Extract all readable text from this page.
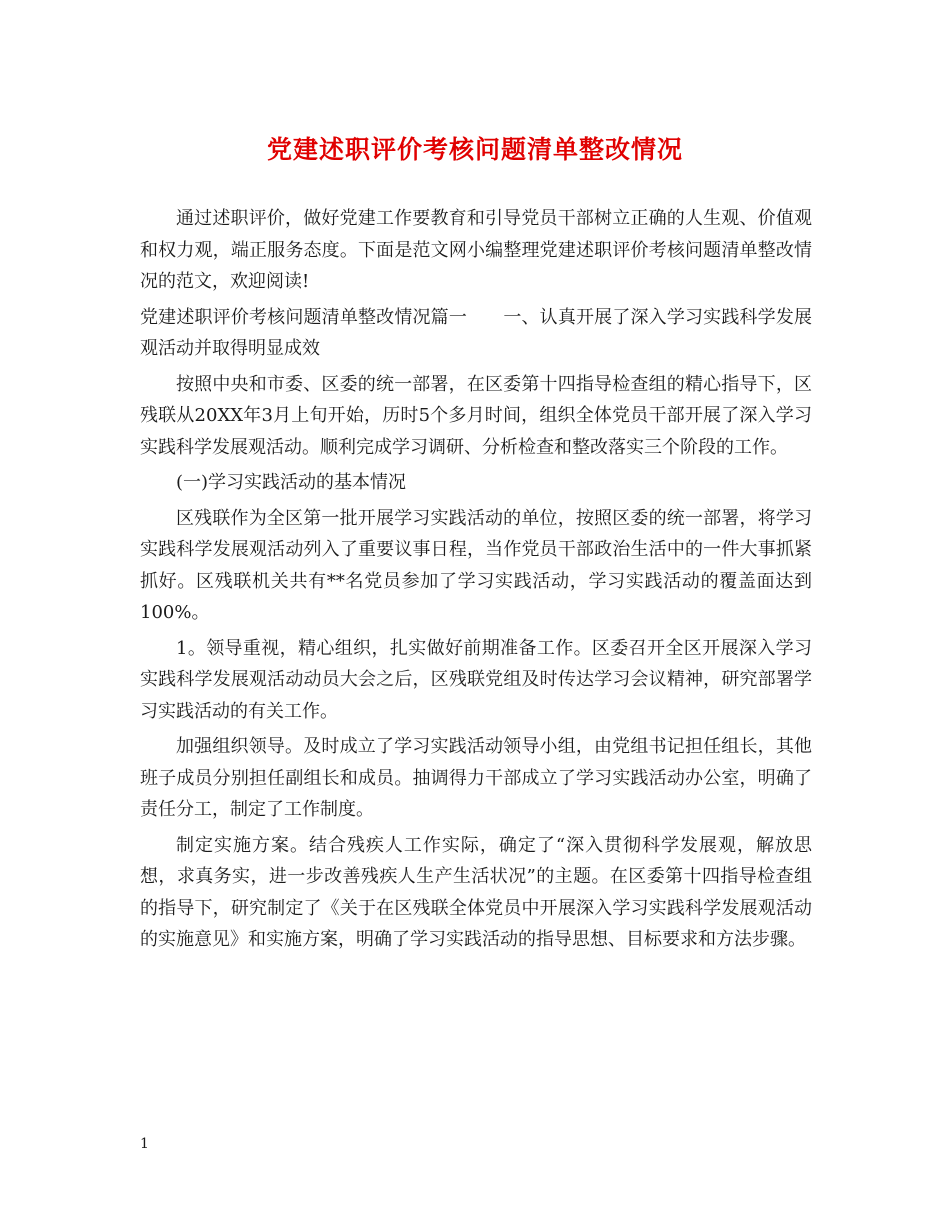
党建述职评价考核问题清单整改情况

通过述职评价，做好党建工作要教育和引导党员干部树立正确的人生观、价值观和权力观，端正服务态度。下面是范文网小编整理党建述职评价考核问题清单整改情况的范文，欢迎阅读!

党建述职评价考核问题清单整改情况篇一　　一、认真开展了深入学习实践科学发展观活动并取得明显成效

按照中央和市委、区委的统一部署，在区委第十四指导检查组的精心指导下，区残联从20XX年3月上旬开始，历时5个多月时间，组织全体党员干部开展了深入学习实践科学发展观活动。顺利完成学习调研、分析检查和整改落实三个阶段的工作。

(一)学习实践活动的基本情况

区残联作为全区第一批开展学习实践活动的单位，按照区委的统一部署，将学习实践科学发展观活动列入了重要议事日程，当作党员干部政治生活中的一件大事抓紧抓好。区残联机关共有**名党员参加了学习实践活动，学习实践活动的覆盖面达到100%。

1。领导重视，精心组织，扎实做好前期准备工作。区委召开全区开展深入学习实践科学发展观活动动员大会之后，区残联党组及时传达学习会议精神，研究部署学习实践活动的有关工作。

加强组织领导。及时成立了学习实践活动领导小组，由党组书记担任组长，其他班子成员分别担任副组长和成员。抽调得力干部成立了学习实践活动办公室，明确了责任分工，制定了工作制度。

制定实施方案。结合残疾人工作实际，确定了“深入贯彻科学发展观，解放思想，求真务实，进一步改善残疾人生产生活状况”的主题。在区委第十四指导检查组的指导下，研究制定了《关于在区残联全体党员中开展深入学习实践科学发展观活动的实施意见》和实施方案，明确了学习实践活动的指导思想、目标要求和方法步骤。

1
